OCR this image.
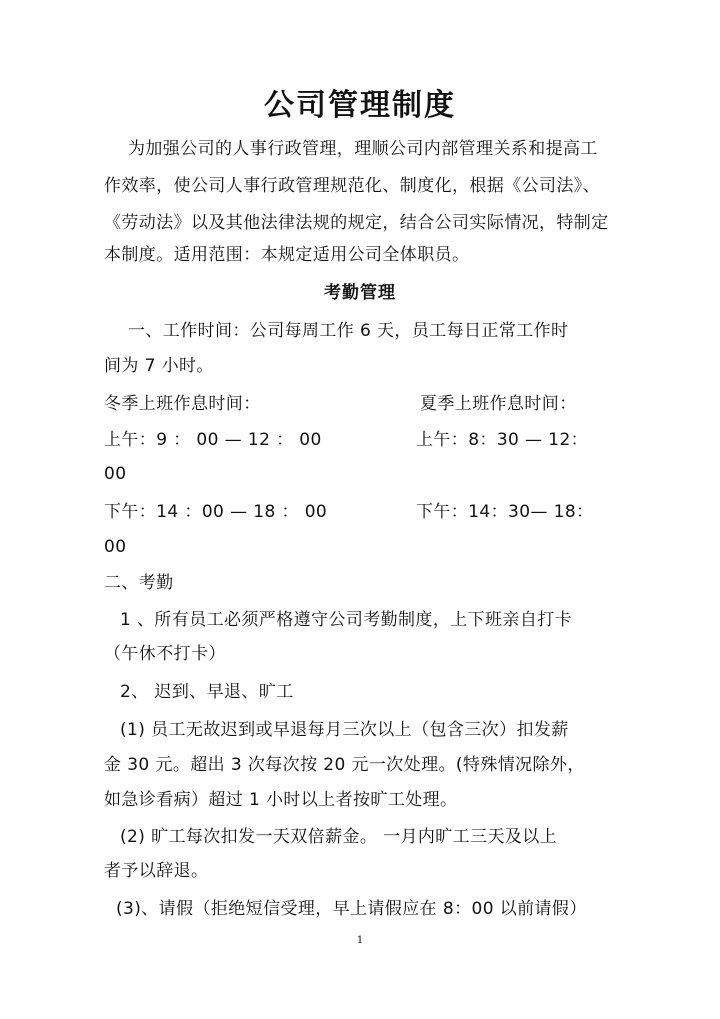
公司管理制度
为加强公司的人事行政管理，理顺公司内部管理关系和提高工
作效率，使公司人事行政管理规范化、制度化，根据《公司法》、
《劳动法》以及其他法律法规的规定，结合公司实际情况，特制定
本制度。适用范围：本规定适用公司全体职员。
考勤管理
一、工作时间：公司每周工作 6 天，员工每日正常工作时
间为 7 小时。
冬季上班作息时间：	夏季上班作息时间：
上午：9 ： 00 — 12 ： 00	上午：8：30 — 12：
00
下午：14 ：00 — 18 ： 00	下午：14：30— 18：
00
二、考勤
1 、所有员工必须严格遵守公司考勤制度，上下班亲自打卡
（午休不打卡）
2、 迟到、早退、旷工
(1) 员工无故迟到或早退每月三次以上（包含三次）扣发薪
金 30 元。超出 3 次每次按 20 元一次处理。(特殊情况除外，
如急诊看病）超过 1 小时以上者按旷工处理。
(2) 旷工每次扣发一天双倍薪金。 一月内旷工三天及以上
者予以辞退。
(3)、请假（拒绝短信受理，早上请假应在 8：00 以前请假）
1
